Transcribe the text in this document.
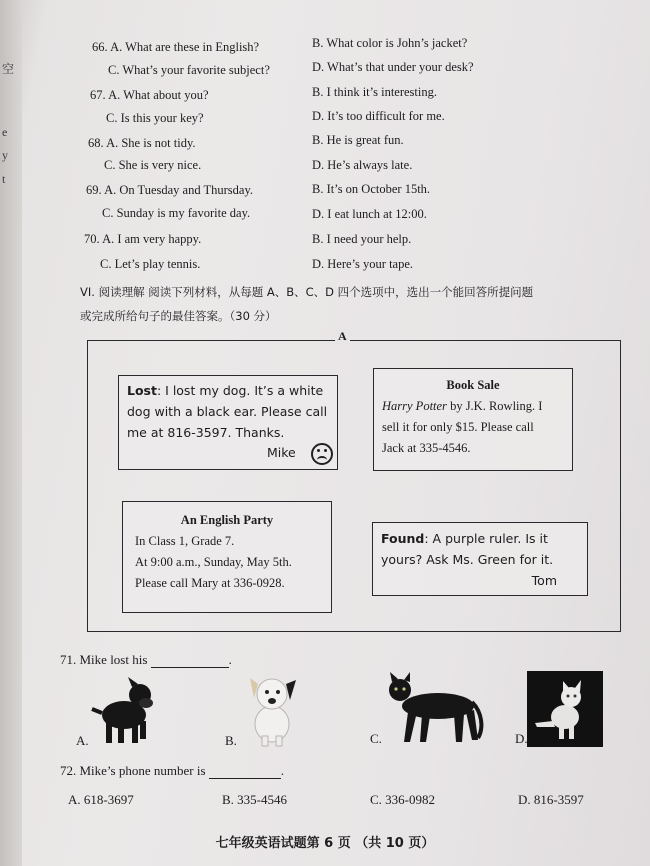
空
e
y
t
66. A. What are these in English?	B. What color is John’s jacket?
C. What’s your favorite subject?	D. What’s that under your desk?
67. A. What about you?	B. I think it’s interesting.
C. Is this your key?	D. It’s too difficult for me.
68. A. She is not tidy.	B. He is great fun.
C. She is very nice.	D. He’s always late.
69. A. On Tuesday and Thursday.	B. It’s on October 15th.
C. Sunday is my favorite day.	D. I eat lunch at 12:00.
70. A. I am very happy.	B. I need your help.
C. Let’s play tennis.	D. Here’s your tape.
VI. 阅读理解 阅读下列材料，从每题 A、B、C、D 四个选项中，选出一个能回答所提问题
或完成所给句子的最佳答案。（30 分）
A
Lost: I lost my dog. It’s a white
dog with a black ear. Please call
me at 816-3597. Thanks.
Mike
Book Sale
Harry Potter by J.K. Rowling. I
sell it for only $15. Please call
Jack at 335-4546.
An English Party
In Class 1, Grade 7.
At 9:00 a.m., Sunday, May 5th.
Please call Mary at 336-0928.
Found: A purple ruler. Is it
yours? Ask Ms. Green for it.
Tom
71. Mike lost his	.
A.	B.	C.	D.
72. Mike’s phone number is	.
A. 618-3697	B. 335-4546	C. 336-0982	D. 816-3597
七年级英语试题第 6 页 （共 10 页）
